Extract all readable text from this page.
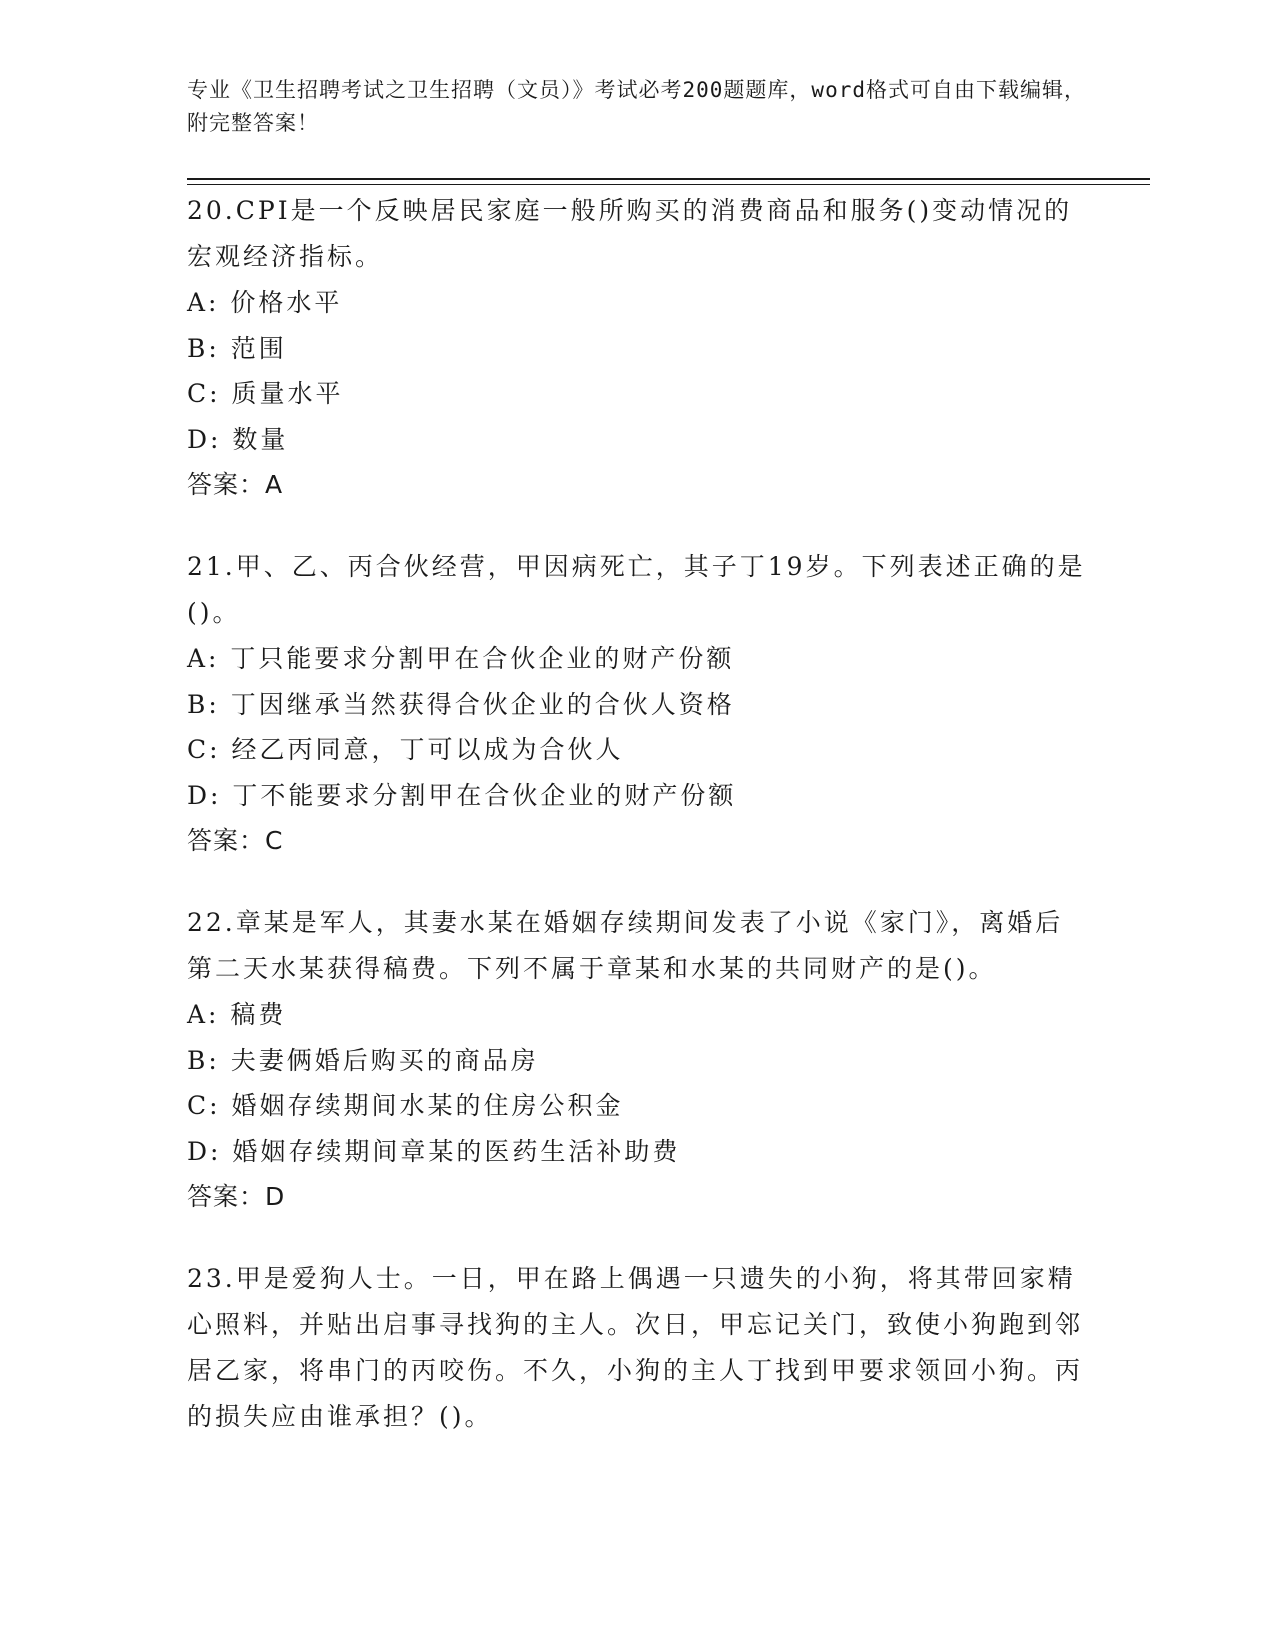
专业《卫生招聘考试之卫生招聘（文员）》考试必考200题题库，word格式可自由下载编辑，附完整答案！

20.CPI是一个反映居民家庭一般所购买的消费商品和服务()变动情况的宏观经济指标。

A: 价格水平

B: 范围

C: 质量水平

D: 数量

答案：A

21.甲、乙、丙合伙经营，甲因病死亡，其子丁19岁。下列表述正确的是()。

A: 丁只能要求分割甲在合伙企业的财产份额

B: 丁因继承当然获得合伙企业的合伙人资格

C: 经乙丙同意，丁可以成为合伙人

D: 丁不能要求分割甲在合伙企业的财产份额

答案：C

22.章某是军人，其妻水某在婚姻存续期间发表了小说《家门》，离婚后第二天水某获得稿费。下列不属于章某和水某的共同财产的是()。

A: 稿费

B: 夫妻俩婚后购买的商品房

C: 婚姻存续期间水某的住房公积金

D: 婚姻存续期间章某的医药生活补助费

答案：D

23.甲是爱狗人士。一日，甲在路上偶遇一只遗失的小狗，将其带回家精心照料，并贴出启事寻找狗的主人。次日，甲忘记关门，致使小狗跑到邻居乙家，将串门的丙咬伤。不久，小狗的主人丁找到甲要求领回小狗。丙的损失应由谁承担？()。
